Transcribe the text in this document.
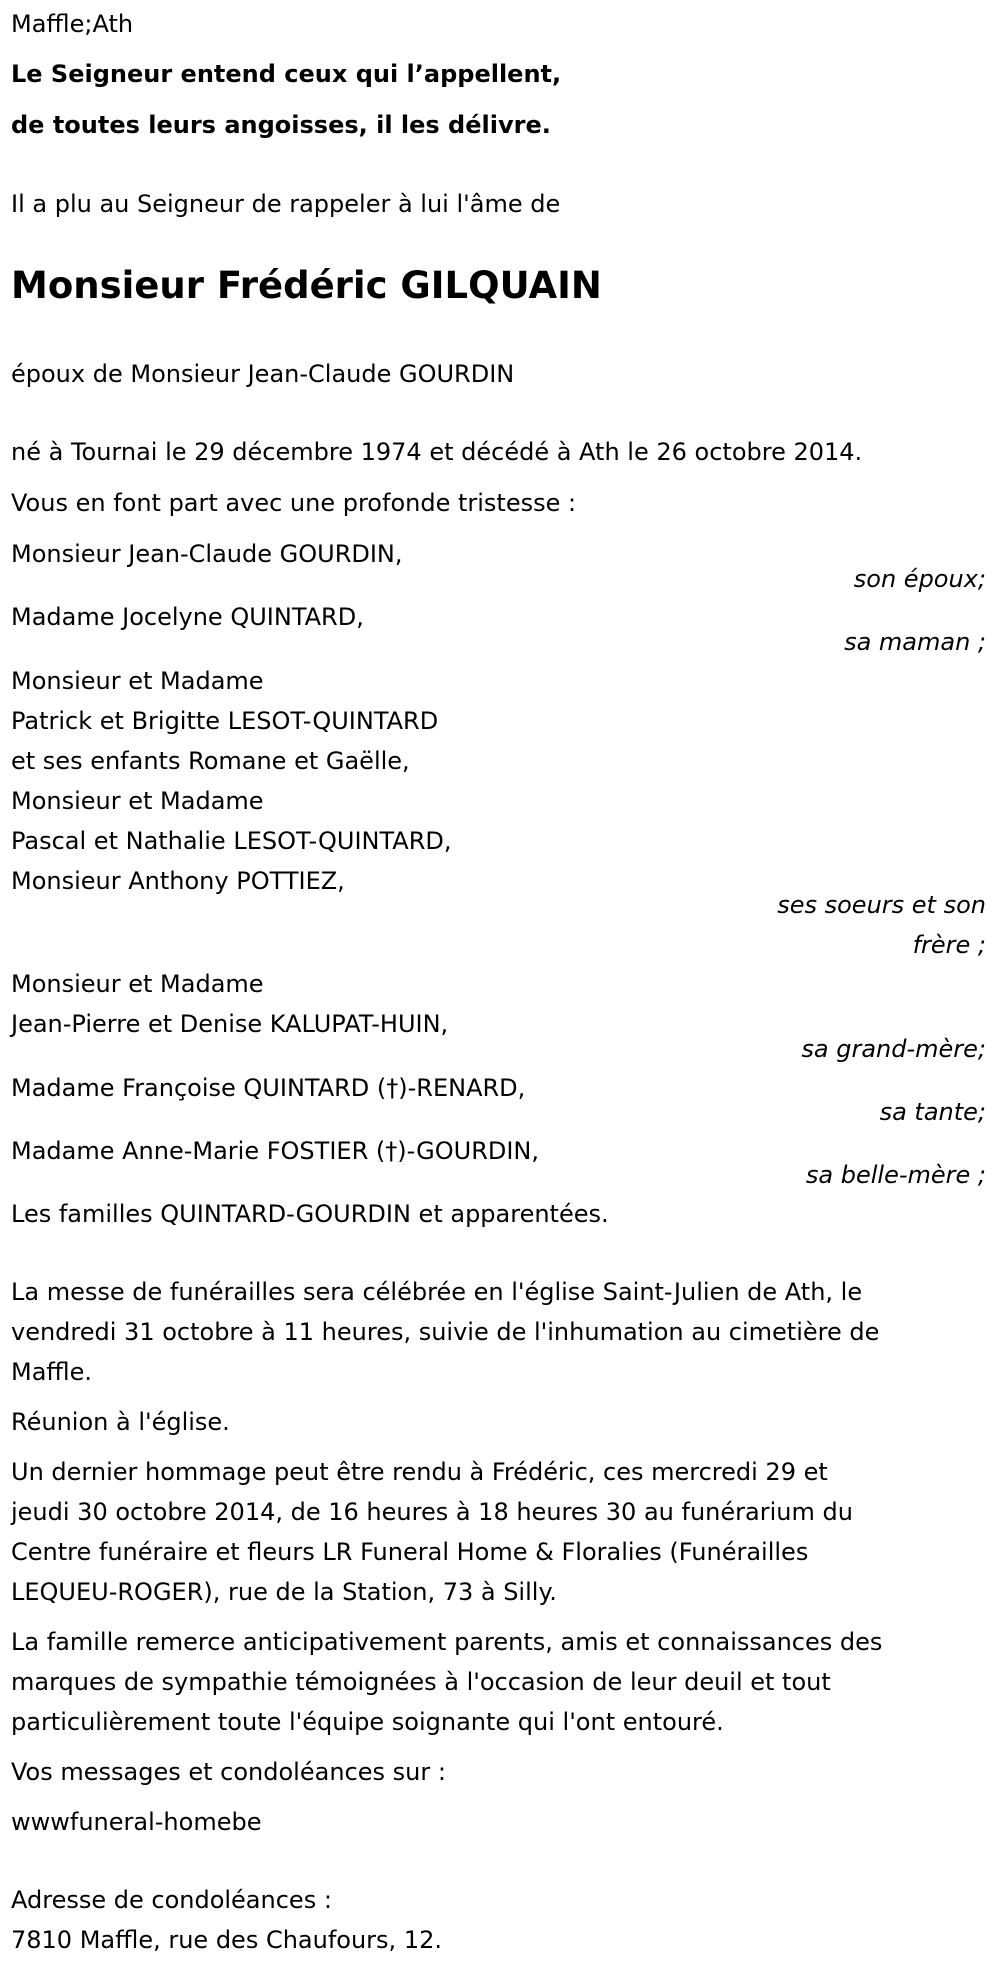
Maffle;Ath
Le Seigneur entend ceux qui l’appellent,
de toutes leurs angoisses, il les délivre.
Il a plu au Seigneur de rappeler à lui l'âme de
Monsieur Frédéric GILQUAIN
époux de Monsieur Jean-Claude GOURDIN
né à Tournai le 29 décembre 1974 et décédé à Ath le 26 octobre 2014.
Vous en font part avec une profonde tristesse :
Monsieur Jean-Claude GOURDIN,
son époux;
Madame Jocelyne QUINTARD,
sa maman ;
Monsieur et Madame
Patrick et Brigitte LESOT-QUINTARD
et ses enfants Romane et Gaëlle,
Monsieur et Madame
Pascal et Nathalie LESOT-QUINTARD,
Monsieur Anthony POTTIEZ,
ses soeurs et son
frère ;
Monsieur et Madame
Jean-Pierre et Denise KALUPAT-HUIN,
sa grand-mère;
Madame Françoise QUINTARD (†)-RENARD,
sa tante;
Madame Anne-Marie FOSTIER (†)-GOURDIN,
sa belle-mère ;
Les familles QUINTARD-GOURDIN et apparentées.
La messe de funérailles sera célébrée en l'église Saint-Julien de Ath, le
vendredi 31 octobre à 11 heures, suivie de l'inhumation au cimetière de
Maffle.
Réunion à l'église.
Un dernier hommage peut être rendu à Frédéric, ces mercredi 29 et
jeudi 30 octobre 2014, de 16 heures à 18 heures 30 au funérarium du
Centre funéraire et fleurs LR Funeral Home & Floralies (Funérailles
LEQUEU-ROGER), rue de la Station, 73 à Silly.
La famille remerce anticipativement parents, amis et connaissances des
marques de sympathie témoignées à l'occasion de leur deuil et tout
particulièrement toute l'équipe soignante qui l'ont entouré.
Vos messages et condoléances sur :
wwwfuneral-homebe
Adresse de condoléances :
7810 Maffle, rue des Chaufours, 12.
